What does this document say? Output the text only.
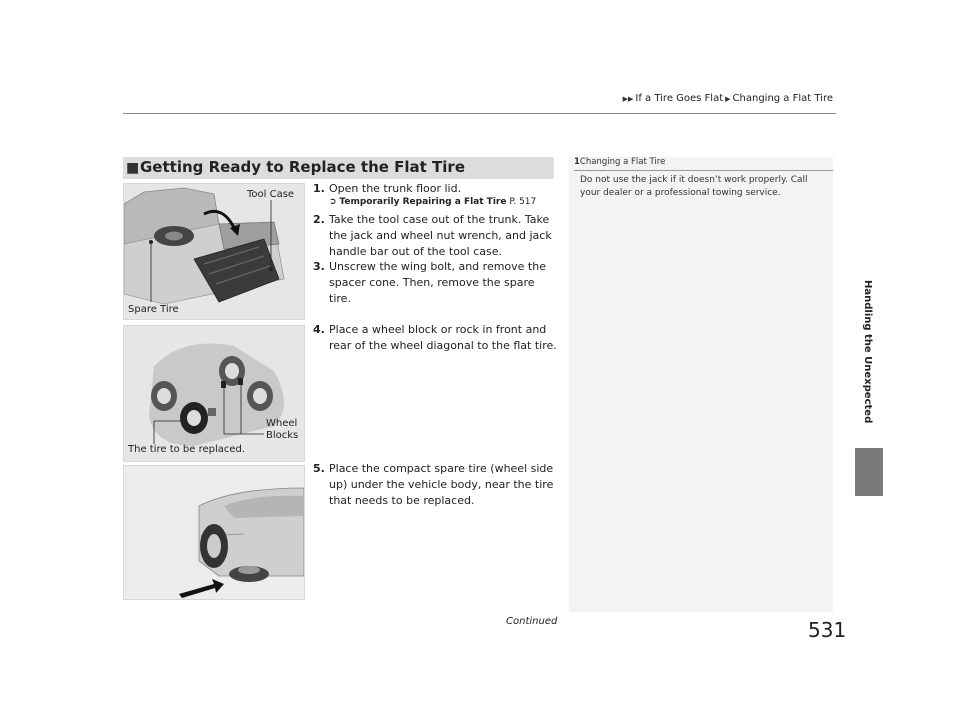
▶▶ If a Tire Goes Flat ▶ Changing a Flat Tire
■ Getting Ready to Replace the Flat Tire
Tool Case
Spare Tire
Wheel
Blocks
The tire to be replaced.
1. Open the trunk floor lid.
➲ Temporarily Repairing a Flat Tire P. 517
2. Take the tool case out of the trunk. Take the jack and wheel nut wrench, and jack handle bar out of the tool case.
3. Unscrew the wing bolt, and remove the spacer cone. Then, remove the spare tire.
4. Place a wheel block or rock in front and rear of the wheel diagonal to the flat tire.
5. Place the compact spare tire (wheel side up) under the vehicle body, near the tire that needs to be replaced.
1Changing a Flat Tire
Do not use the jack if it doesn’t work properly. Call your dealer or a professional towing service.
Handling the Unexpected
Continued	531
